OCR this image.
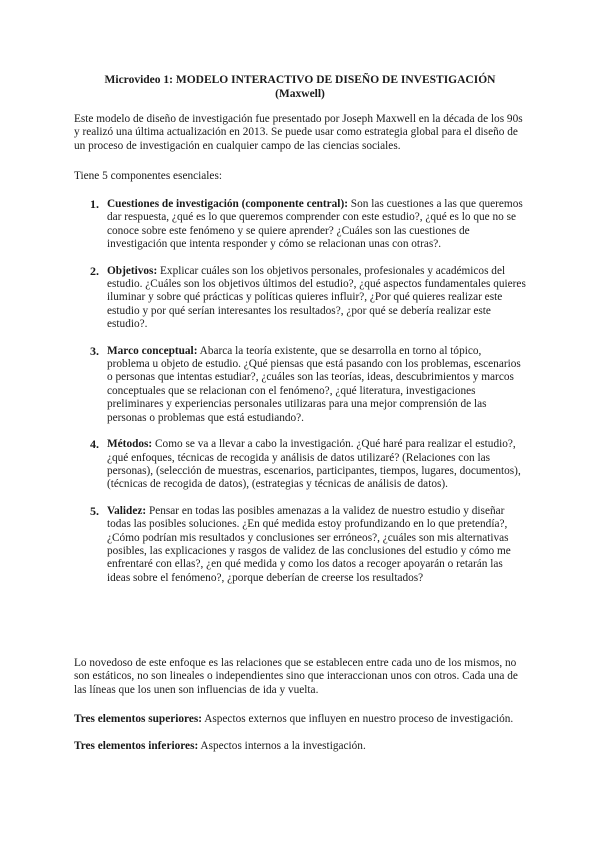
Microvideo 1: MODELO INTERACTIVO DE DISEÑO DE INVESTIGACIÓN
(Maxwell)

Este modelo de diseño de investigación fue presentado por Joseph Maxwell en la década de los 90s y realizó una última actualización en 2013. Se puede usar como estrategia global para el diseño de un proceso de investigación en cualquier campo de las ciencias sociales.

Tiene 5 componentes esenciales:

1. Cuestiones de investigación (componente central): Son las cuestiones a las que queremos dar respuesta, ¿qué es lo que queremos comprender con este estudio?, ¿qué es lo que no se conoce sobre este fenómeno y se quiere aprender? ¿Cuáles son las cuestiones de investigación que intenta responder y cómo se relacionan unas con otras?.
2. Objetivos: Explicar cuáles son los objetivos personales, profesionales y académicos del estudio. ¿Cuáles son los objetivos últimos del estudio?, ¿qué aspectos fundamentales quieres iluminar y sobre qué prácticas y políticas quieres influir?, ¿Por qué quieres realizar este estudio y por qué serían interesantes los resultados?, ¿por qué se debería realizar este estudio?.
3. Marco conceptual: Abarca la teoría existente, que se desarrolla en torno al tópico, problema u objeto de estudio. ¿Qué piensas que está pasando con los problemas, escenarios o personas que intentas estudiar?, ¿cuáles son las teorías, ideas, descubrimientos y marcos conceptuales que se relacionan con el fenómeno?, ¿qué literatura, investigaciones preliminares y experiencias personales utilizaras para una mejor comprensión de las personas o problemas que está estudiando?.
4. Métodos: Como se va a llevar a cabo la investigación. ¿Qué haré para realizar el estudio?, ¿qué enfoques, técnicas de recogida y análisis de datos utilizaré? (Relaciones con las personas), (selección de muestras, escenarios, participantes, tiempos, lugares, documentos), (técnicas de recogida de datos), (estrategias y técnicas de análisis de datos).
5. Validez: Pensar en todas las posibles amenazas a la validez de nuestro estudio y diseñar todas las posibles soluciones. ¿En qué medida estoy profundizando en lo que pretendía?, ¿Cómo podrían mis resultados y conclusiones ser erróneos?, ¿cuáles son mis alternativas posibles, las explicaciones y rasgos de validez de las conclusiones del estudio y cómo me enfrentaré con ellas?, ¿en qué medida y como los datos a recoger apoyarán o retarán las ideas sobre el fenómeno?, ¿porque deberían de creerse los resultados?

Lo novedoso de este enfoque es las relaciones que se establecen entre cada uno de los mismos, no son estáticos, no son lineales o independientes sino que interaccionan unos con otros. Cada una de las líneas que los unen son influencias de ida y vuelta.

Tres elementos superiores: Aspectos externos que influyen en nuestro proceso de investigación.

Tres elementos inferiores: Aspectos internos a la investigación.
